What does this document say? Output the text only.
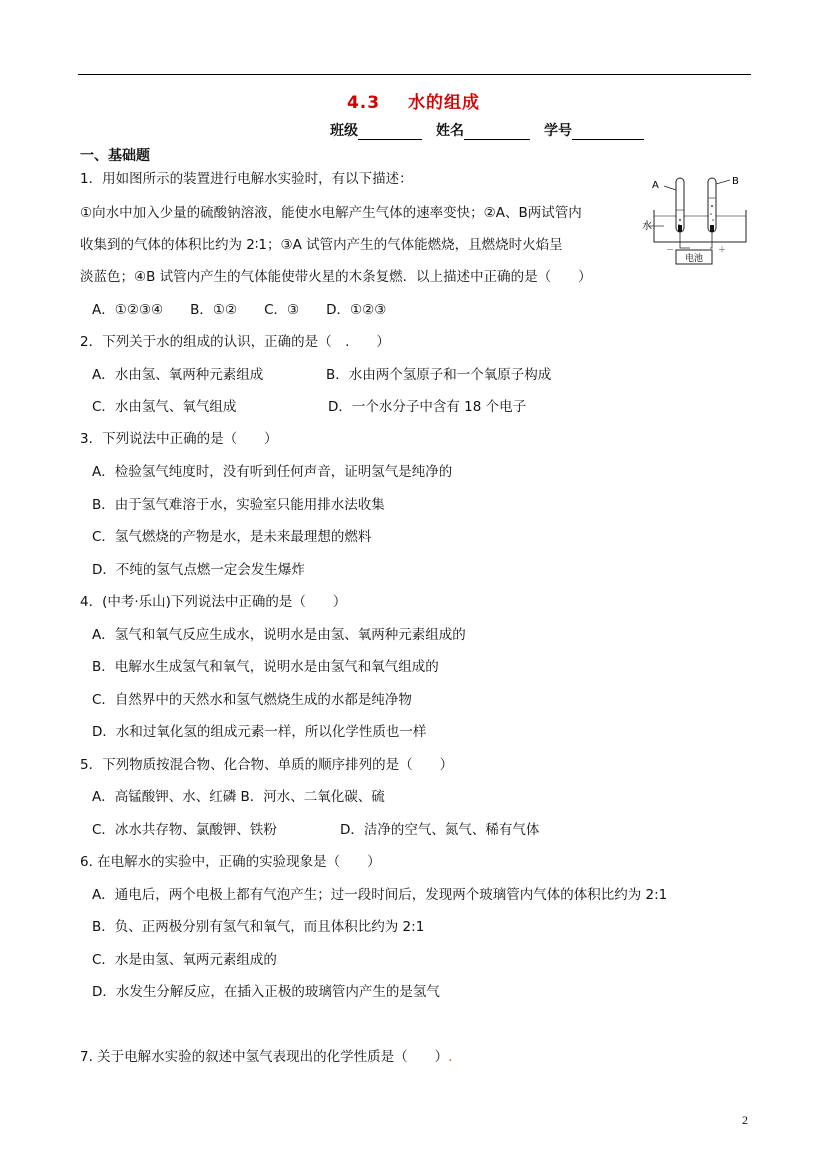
4.3 水的组成
班级	姓名	学号
一、基础题
1．用如图所示的装置进行电解水实验时，有以下描述：
①向水中加入少量的硫酸钠溶液，能使水电解产生气体的速率变快；②A、B两试管内
收集到的气体的体积比约为 2∶1；③A 试管内产生的气体能燃烧，且燃烧时火焰呈
淡蓝色；④B 试管内产生的气体能使带火星的木条复燃．以上描述中正确的是（　　）
A．①②③④　　B．①②　　C．③　　D．①②③
电池
－	＋
A	B
水
2．下列关于水的组成的认识，正确的是（　.　　）
A．水由氢、氧两种元素组成	B．水由两个氢原子和一个氧原子构成
C．水由氢气、氧气组成	D．一个水分子中含有 18 个电子
3．下列说法中正确的是（　　）
A．检验氢气纯度时，没有听到任何声音，证明氢气是纯净的
B．由于氢气难溶于水，实验室只能用排水法收集
C．氢气燃烧的产物是水，是未来最理想的燃料
D．不纯的氢气点燃一定会发生爆炸
4．(中考·乐山)下列说法中正确的是（　　）
A．氢气和氧气反应生成水，说明水是由氢、氧两种元素组成的
B．电解水生成氢气和氧气，说明水是由氢气和氧气组成的
C．自然界中的天然水和氢气燃烧生成的水都是纯净物
D．水和过氧化氢的组成元素一样，所以化学性质也一样
5．下列物质按混合物、化合物、单质的顺序排列的是（　　）
A．高锰酸钾、水、红磷 B．河水、二氧化碳、硫
C．冰水共存物、氯酸钾、铁粉	D．洁净的空气、氮气、稀有气体
6. 在电解水的实验中，正确的实验现象是（　　）
A．通电后，两个电极上都有气泡产生；过一段时间后，发现两个玻璃管内气体的体积比约为 2:1
B．负、正两极分别有氢气和氧气，而且体积比约为 2:1
C．水是由氢、氧两元素组成的
D．水发生分解反应，在插入正极的玻璃管内产生的是氢气
7. 关于电解水实验的叙述中氢气表现出的化学性质是（　　）.
2
